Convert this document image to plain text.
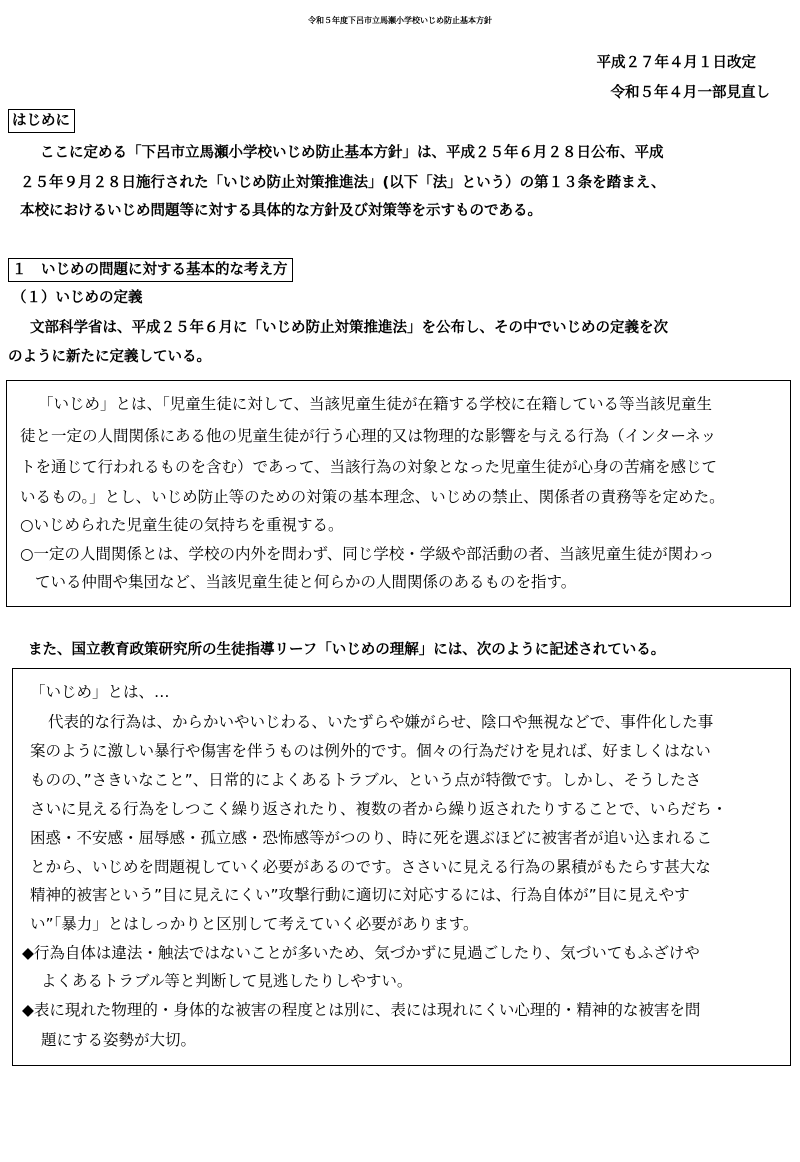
令和５年度下呂市立馬瀬小学校いじめ防止基本方針
平成２７年４月１日改定
令和５年４月一部見直し
はじめに
ここに定める「下呂市立馬瀬小学校いじめ防止基本方針」は、平成２５年６月２８日公布、平成
２５年９月２８日施行された「いじめ防止対策推進法」(以下「法」という）の第１３条を踏まえ、
本校におけるいじめ問題等に対する具体的な方針及び対策等を示すものである。
１　いじめの問題に対する基本的な考え方
（１）いじめの定義
文部科学省は、平成２５年６月に「いじめ防止対策推進法」を公布し、その中でいじめの定義を次
のように新たに定義している。
「いじめ」とは、「児童生徒に対して、当該児童生徒が在籍する学校に在籍している等当該児童生
徒と一定の人間関係にある他の児童生徒が行う心理的又は物理的な影響を与える行為（インターネッ
トを通じて行われるものを含む）であって、当該行為の対象となった児童生徒が心身の苦痛を感じて
いるもの。」とし、いじめ防止等のための対策の基本理念、いじめの禁止、関係者の責務等を定めた。
○いじめられた児童生徒の気持ちを重視する。
○一定の人間関係とは、学校の内外を問わず、同じ学校・学級や部活動の者、当該児童生徒が関わっ
ている仲間や集団など、当該児童生徒と何らかの人間関係のあるものを指す。
また、国立教育政策研究所の生徒指導リーフ「いじめの理解」には、次のように記述されている。
「いじめ」とは、…
代表的な行為は、からかいやいじわる、いたずらや嫌がらせ、陰口や無視などで、事件化した事
案のように激しい暴行や傷害を伴うものは例外的です。個々の行為だけを見れば、好ましくはない
ものの、”さきいなこと”、日常的によくあるトラブル、という点が特徴です。しかし、そうしたさ
さいに見える行為をしつこく繰り返されたり、複数の者から繰り返されたりすることで、いらだち・
困惑・不安感・屈辱感・孤立感・恐怖感等がつのり、時に死を選ぶほどに被害者が追い込まれるこ
とから、いじめを問題視していく必要があるのです。ささいに見える行為の累積がもたらす甚大な
精神的被害という”目に見えにくい”攻撃行動に適切に対応するには、行為自体が”目に見えやす
い”「暴力」とはしっかりと区別して考えていく必要があります。
◆行為自体は違法・触法ではないことが多いため、気づかずに見過ごしたり、気づいてもふざけや
よくあるトラブル等と判断して見逃したりしやすい。
◆表に現れた物理的・身体的な被害の程度とは別に、表には現れにくい心理的・精神的な被害を問
題にする姿勢が大切。
